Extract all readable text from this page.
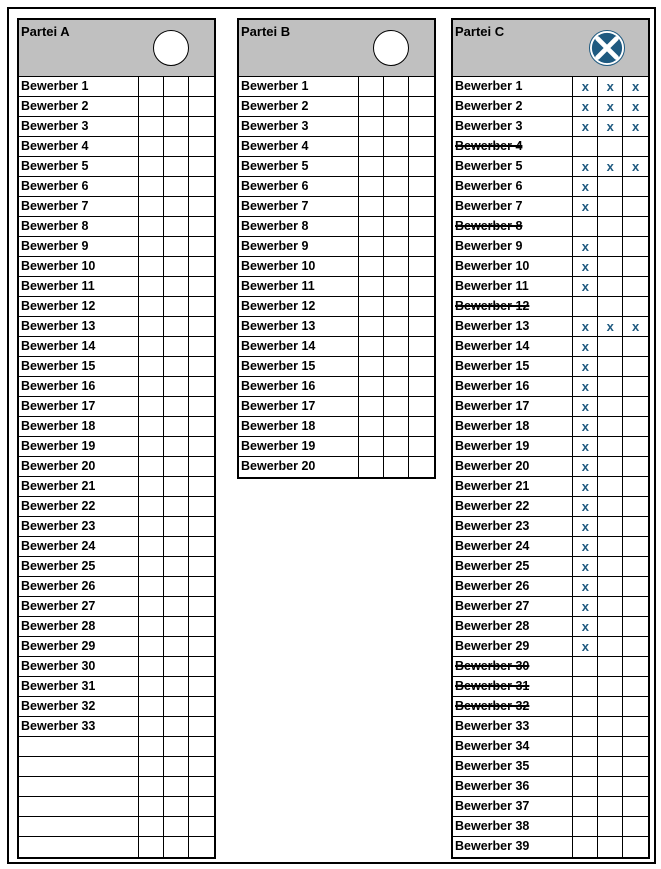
Partei A
Bewerber 1
Bewerber 2
Bewerber 3
Bewerber 4
Bewerber 5
Bewerber 6
Bewerber 7
Bewerber 8
Bewerber 9
Bewerber 10
Bewerber 11
Bewerber 12
Bewerber 13
Bewerber 14
Bewerber 15
Bewerber 16
Bewerber 17
Bewerber 18
Bewerber 19
Bewerber 20
Bewerber 21
Bewerber 22
Bewerber 23
Bewerber 24
Bewerber 25
Bewerber 26
Bewerber 27
Bewerber 28
Bewerber 29
Bewerber 30
Bewerber 31
Bewerber 32
Bewerber 33
Partei B
Bewerber 1
Bewerber 2
Bewerber 3
Bewerber 4
Bewerber 5
Bewerber 6
Bewerber 7
Bewerber 8
Bewerber 9
Bewerber 10
Bewerber 11
Bewerber 12
Bewerber 13
Bewerber 14
Bewerber 15
Bewerber 16
Bewerber 17
Bewerber 18
Bewerber 19
Bewerber 20
Partei C
Bewerber 1	x	x	x
Bewerber 2	x	x	x
Bewerber 3	x	x	x
Bewerber 4
Bewerber 5	x	x	x
Bewerber 6	x
Bewerber 7	x
Bewerber 8
Bewerber 9	x
Bewerber 10	x
Bewerber 11	x
Bewerber 12
Bewerber 13	x	x	x
Bewerber 14	x
Bewerber 15	x
Bewerber 16	x
Bewerber 17	x
Bewerber 18	x
Bewerber 19	x
Bewerber 20	x
Bewerber 21	x
Bewerber 22	x
Bewerber 23	x
Bewerber 24	x
Bewerber 25	x
Bewerber 26	x
Bewerber 27	x
Bewerber 28	x
Bewerber 29	x
Bewerber 30
Bewerber 31
Bewerber 32
Bewerber 33
Bewerber 34
Bewerber 35
Bewerber 36
Bewerber 37
Bewerber 38
Bewerber 39
